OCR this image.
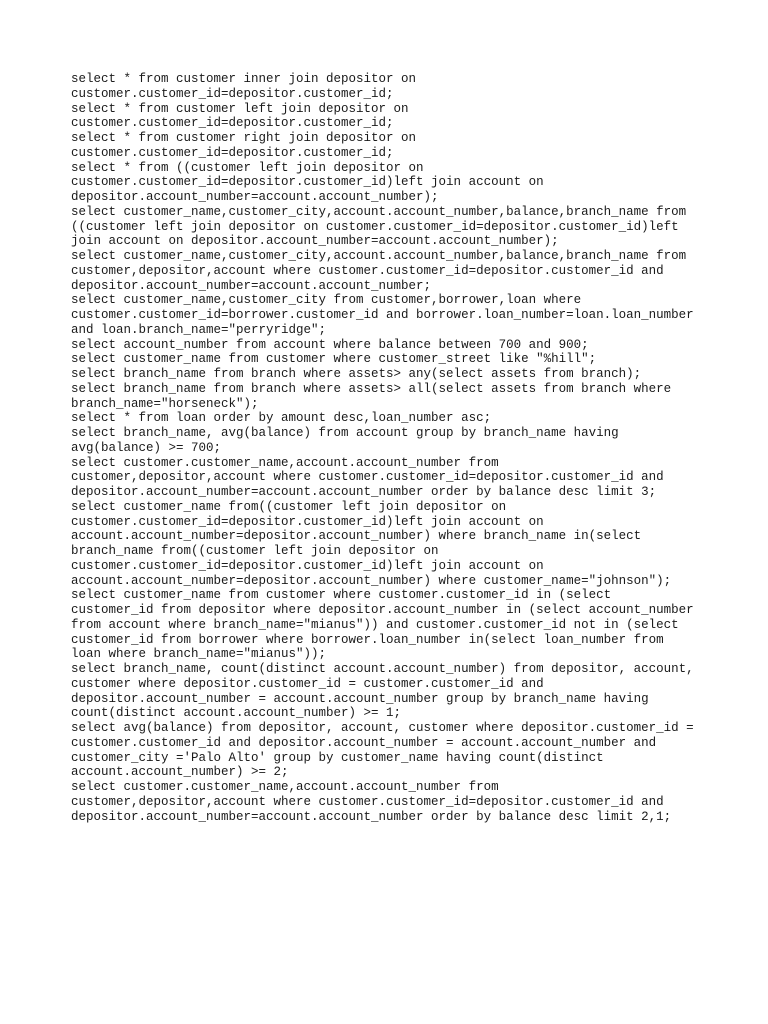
select * from customer inner join depositor on
customer.customer_id=depositor.customer_id;
select * from customer left join depositor on
customer.customer_id=depositor.customer_id;
select * from customer right join depositor on
customer.customer_id=depositor.customer_id;
select * from ((customer left join depositor on
customer.customer_id=depositor.customer_id)left join account on
depositor.account_number=account.account_number);
select customer_name,customer_city,account.account_number,balance,branch_name from
((customer left join depositor on customer.customer_id=depositor.customer_id)left
join account on depositor.account_number=account.account_number);
select customer_name,customer_city,account.account_number,balance,branch_name from
customer,depositor,account where customer.customer_id=depositor.customer_id and
depositor.account_number=account.account_number;
select customer_name,customer_city from customer,borrower,loan where
customer.customer_id=borrower.customer_id and borrower.loan_number=loan.loan_number
and loan.branch_name="perryridge";
select account_number from account where balance between 700 and 900;
select customer_name from customer where customer_street like "%hill";
select branch_name from branch where assets> any(select assets from branch);
select branch_name from branch where assets> all(select assets from branch where
branch_name="horseneck");
select * from loan order by amount desc,loan_number asc;
select branch_name, avg(balance) from account group by branch_name having
avg(balance) >= 700;
select customer.customer_name,account.account_number from
customer,depositor,account where customer.customer_id=depositor.customer_id and
depositor.account_number=account.account_number order by balance desc limit 3;
select customer_name from((customer left join depositor on
customer.customer_id=depositor.customer_id)left join account on
account.account_number=depositor.account_number) where branch_name in(select
branch_name from((customer left join depositor on
customer.customer_id=depositor.customer_id)left join account on
account.account_number=depositor.account_number) where customer_name="johnson");
select customer_name from customer where customer.customer_id in (select
customer_id from depositor where depositor.account_number in (select account_number
from account where branch_name="mianus")) and customer.customer_id not in (select
customer_id from borrower where borrower.loan_number in(select loan_number from
loan where branch_name="mianus"));
select branch_name, count(distinct account.account_number) from depositor, account,
customer where depositor.customer_id = customer.customer_id and
depositor.account_number = account.account_number group by branch_name having
count(distinct account.account_number) >= 1;
select avg(balance) from depositor, account, customer where depositor.customer_id =
customer.customer_id and depositor.account_number = account.account_number and
customer_city ='Palo Alto' group by customer_name having count(distinct
account.account_number) >= 2;
select customer.customer_name,account.account_number from
customer,depositor,account where customer.customer_id=depositor.customer_id and
depositor.account_number=account.account_number order by balance desc limit 2,1;
